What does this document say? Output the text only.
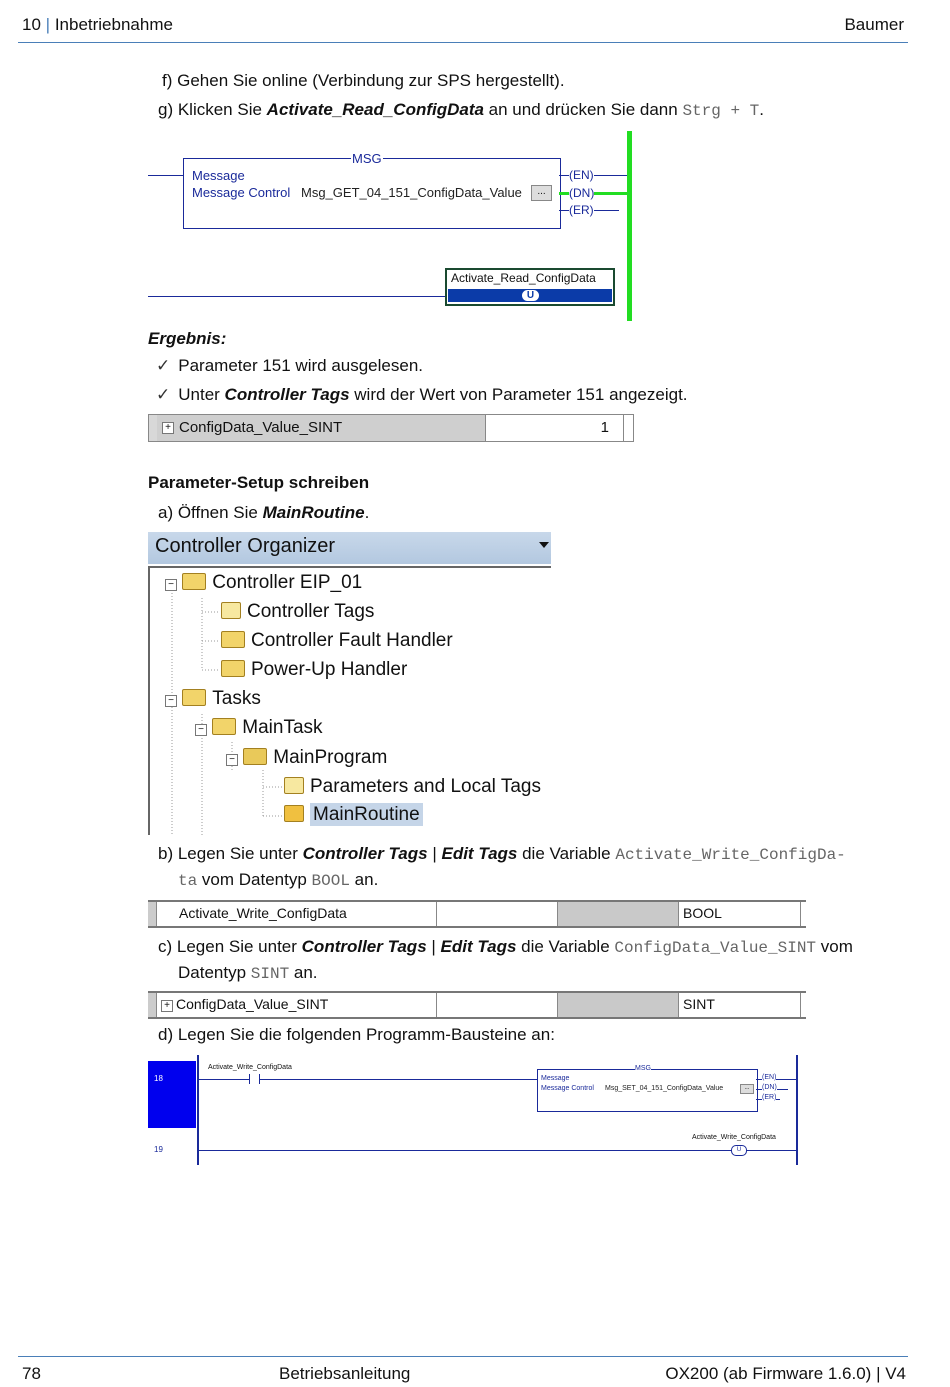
10 | Inbetriebnahme	Baumer
f) Gehen Sie online (Verbindung zur SPS hergestellt).
g) Klicken Sie Activate_Read_ConfigData an und drücken Sie dann Strg + T.
MSG
Message
Message Control Msg_GET_04_151_ConfigData_Value	...
(EN)
(DN)
(ER)
Activate_Read_ConfigData
U
Ergebnis:
✓ Parameter 151 wird ausgelesen.
✓ Unter Controller Tags wird der Wert von Parameter 151 angezeigt.
+ ConfigData_Value_SINT	1
Parameter-Setup schreiben
a) Öffnen Sie MainRoutine.
Controller Organizer
− Controller EIP_01
Controller Tags
Controller Fault Handler
Power-Up Handler
− Tasks
− MainTask
− MainProgram
Parameters and Local Tags
MainRoutine
b) Legen Sie unter Controller Tags | Edit Tags die Variable Activate_Write_ConfigDa-
ta vom Datentyp BOOL an.
Activate_Write_ConfigData	BOOL
c) Legen Sie unter Controller Tags | Edit Tags die Variable ConfigData_Value_SINT vom
Datentyp SINT an.
+ ConfigData_Value_SINT	SINT
d) Legen Sie die folgenden Programm-Bausteine an:
18
19
Activate_Write_ConfigData	MSG
Message
Message Control Msg_SET_04_151_ConfigData_Value	...
(EN)
(DN)
(ER)
Activate_Write_ConfigData
U
78	Betriebsanleitung	OX200 (ab Firmware 1.6.0) | V4
